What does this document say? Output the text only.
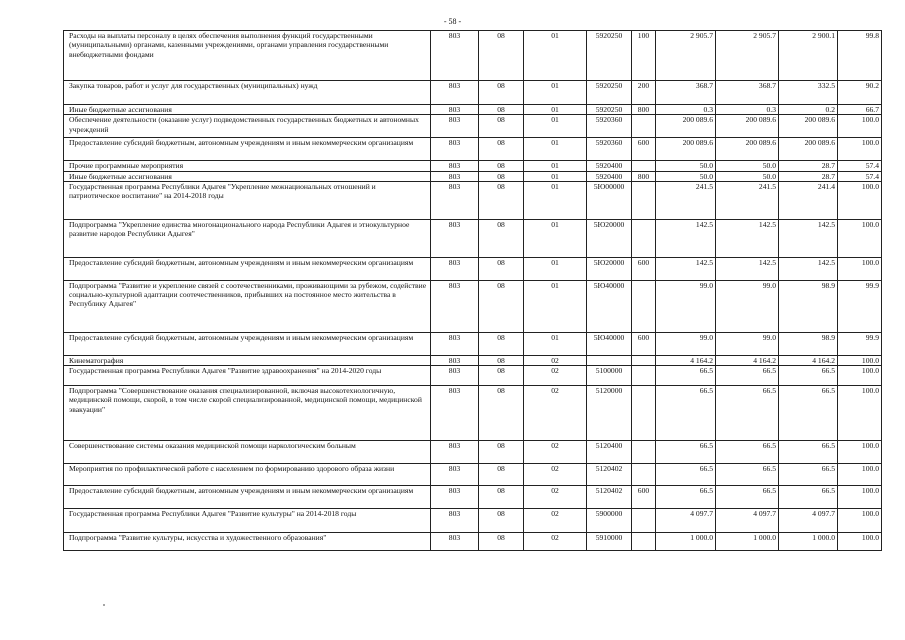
- 58 -
Расходы на выплаты персоналу в целях обеспечения выполнения функций государственными (муниципальными) органами, казенными учреждениями, органами управления государственными внебюджетными фондами	803	08	01	5920250	100	2 905.7	2 905.7	2 900.1	99.8
Закупка товаров, работ и услуг для государственных (муниципальных) нужд	803	08	01	5920250	200	368.7	368.7	332.5	90.2
Иные бюджетные ассигнования	803	08	01	5920250	800	0.3	0.3	0.2	66.7
Обеспечение деятельности (оказание услуг) подведомственных государственных бюджетных и автономных учреждений	803	08	01	5920360		200 089.6	200 089.6	200 089.6	100.0
Предоставление субсидий бюджетным, автономным учреждениям и иным некоммерческим организациям	803	08	01	5920360	600	200 089.6	200 089.6	200 089.6	100.0
Прочие программные мероприятия	803	08	01	5920400		50.0	50.0	28.7	57.4
Иные бюджетные ассигнования	803	08	01	5920400	800	50.0	50.0	28.7	57.4
Государственная программа Республики Адыгея "Укрепление межнациональных отношений и патриотическое воспитание" на 2014-2018 годы	803	08	01	5Ю00000		241.5	241.5	241.4	100.0
Подпрограмма "Укрепление единства многонационального народа Республики Адыгея и этнокультурное развитие народов Республики Адыгея"	803	08	01	5Ю20000		142.5	142.5	142.5	100.0
Предоставление субсидий бюджетным, автономным учреждениям и иным некоммерческим организациям	803	08	01	5Ю20000	600	142.5	142.5	142.5	100.0
Подпрограмма "Развитие и укрепление связей с соотечественниками, проживающими за рубежом, содействие социально-культурной адаптации соотечественников, прибывших на постоянное место жительства в Республику Адыгея"	803	08	01	5Ю40000		99.0	99.0	98.9	99.9
Предоставление субсидий бюджетным, автономным учреждениям и иным некоммерческим организациям	803	08	01	5Ю40000	600	99.0	99.0	98.9	99.9
Кинематография	803	08	02			4 164.2	4 164.2	4 164.2	100.0
Государственная программа Республики Адыгея "Развитие здравоохранения" на 2014-2020 годы	803	08	02	5100000		66.5	66.5	66.5	100.0
Подпрограмма "Совершенствование оказания специализированной, включая высокотехнологичную, медицинской помощи, скорой, в том числе скорой специализированной, медицинской помощи, медицинской эвакуации"	803	08	02	5120000		66.5	66.5	66.5	100.0
Совершенствование системы оказания медицинской помощи наркологическим больным	803	08	02	5120400		66.5	66.5	66.5	100.0
Мероприятия по профилактической работе с населением по формированию здорового образа жизни	803	08	02	5120402		66.5	66.5	66.5	100.0
Предоставление субсидий бюджетным, автономным учреждениям и иным некоммерческим организациям	803	08	02	5120402	600	66.5	66.5	66.5	100.0
Государственная программа Республики Адыгея "Развитие культуры" на 2014-2018 годы	803	08	02	5900000		4 097.7	4 097.7	4 097.7	100.0
Подпрограмма "Развитие культуры, искусства и художественного образования"	803	08	02	5910000		1 000.0	1 000.0	1 000.0	100.0
